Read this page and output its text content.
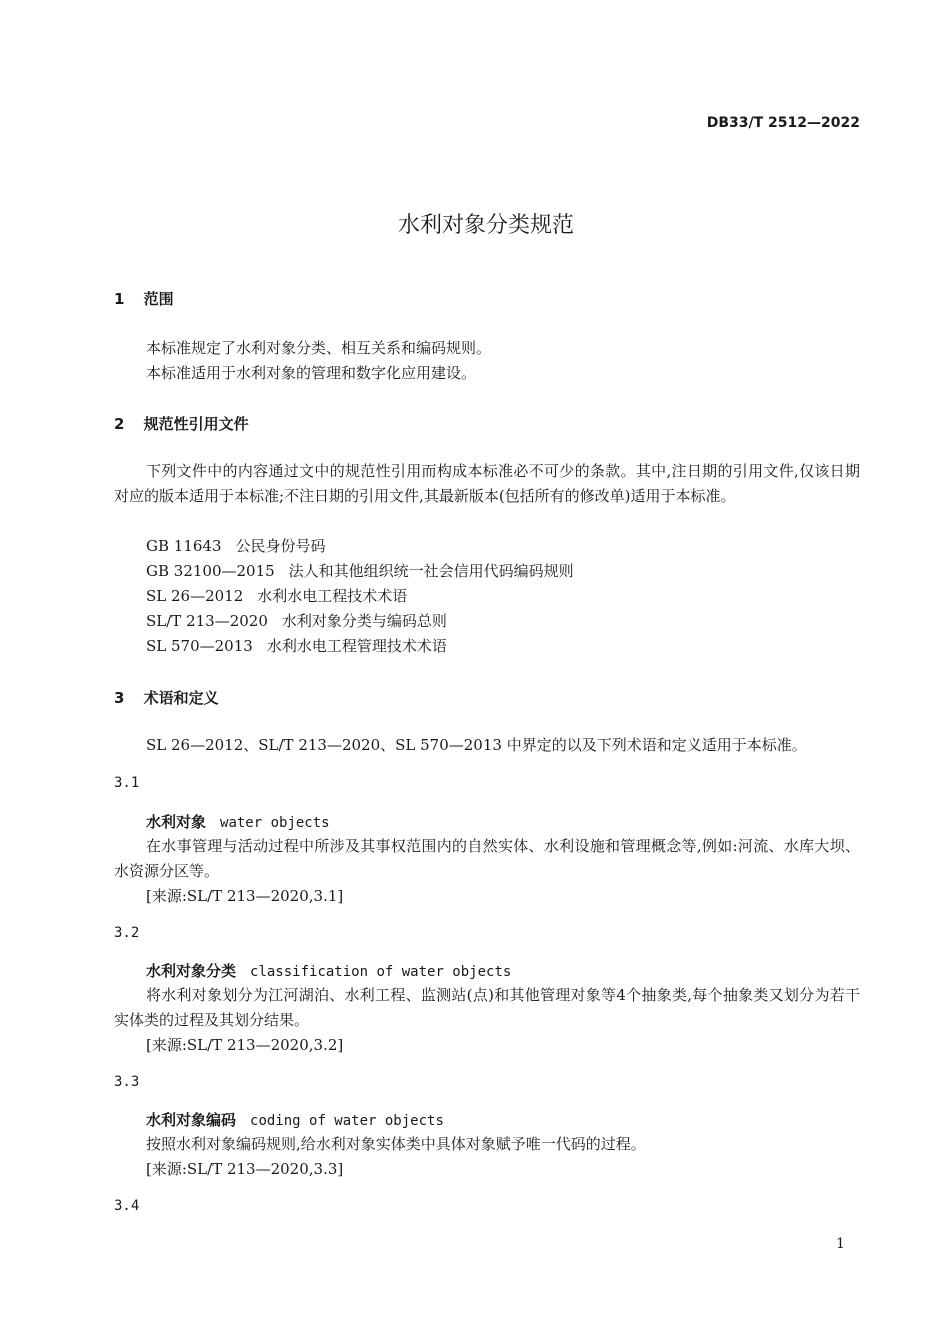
DB33/T 2512—2022
水利对象分类规范
1 范围
本标准规定了水利对象分类、相互关系和编码规则。
本标准适用于水利对象的管理和数字化应用建设。
2 规范性引用文件
下列文件中的内容通过文中的规范性引用而构成本标准必不可少的条款。其中,注日期的引用文件,仅该日期对应的版本适用于本标准;不注日期的引用文件,其最新版本(包括所有的修改单)适用于本标准。
GB 11643 公民身份号码
GB 32100—2015 法人和其他组织统一社会信用代码编码规则
SL 26—2012 水利水电工程技术术语
SL/T 213—2020 水利对象分类与编码总则
SL 570—2013 水利水电工程管理技术术语
3 术语和定义
SL 26—2012、SL/T 213—2020、SL 570—2013 中界定的以及下列术语和定义适用于本标准。
3.1
水利对象 water objects
在水事管理与活动过程中所涉及其事权范围内的自然实体、水利设施和管理概念等,例如:河流、水库大坝、水资源分区等。
[来源:SL/T 213—2020,3.1]
3.2
水利对象分类 classification of water objects
将水利对象划分为江河湖泊、水利工程、监测站(点)和其他管理对象等4个抽象类,每个抽象类又划分为若干实体类的过程及其划分结果。
[来源:SL/T 213—2020,3.2]
3.3
水利对象编码 coding of water objects
按照水利对象编码规则,给水利对象实体类中具体对象赋予唯一代码的过程。
[来源:SL/T 213—2020,3.3]
3.4
1
